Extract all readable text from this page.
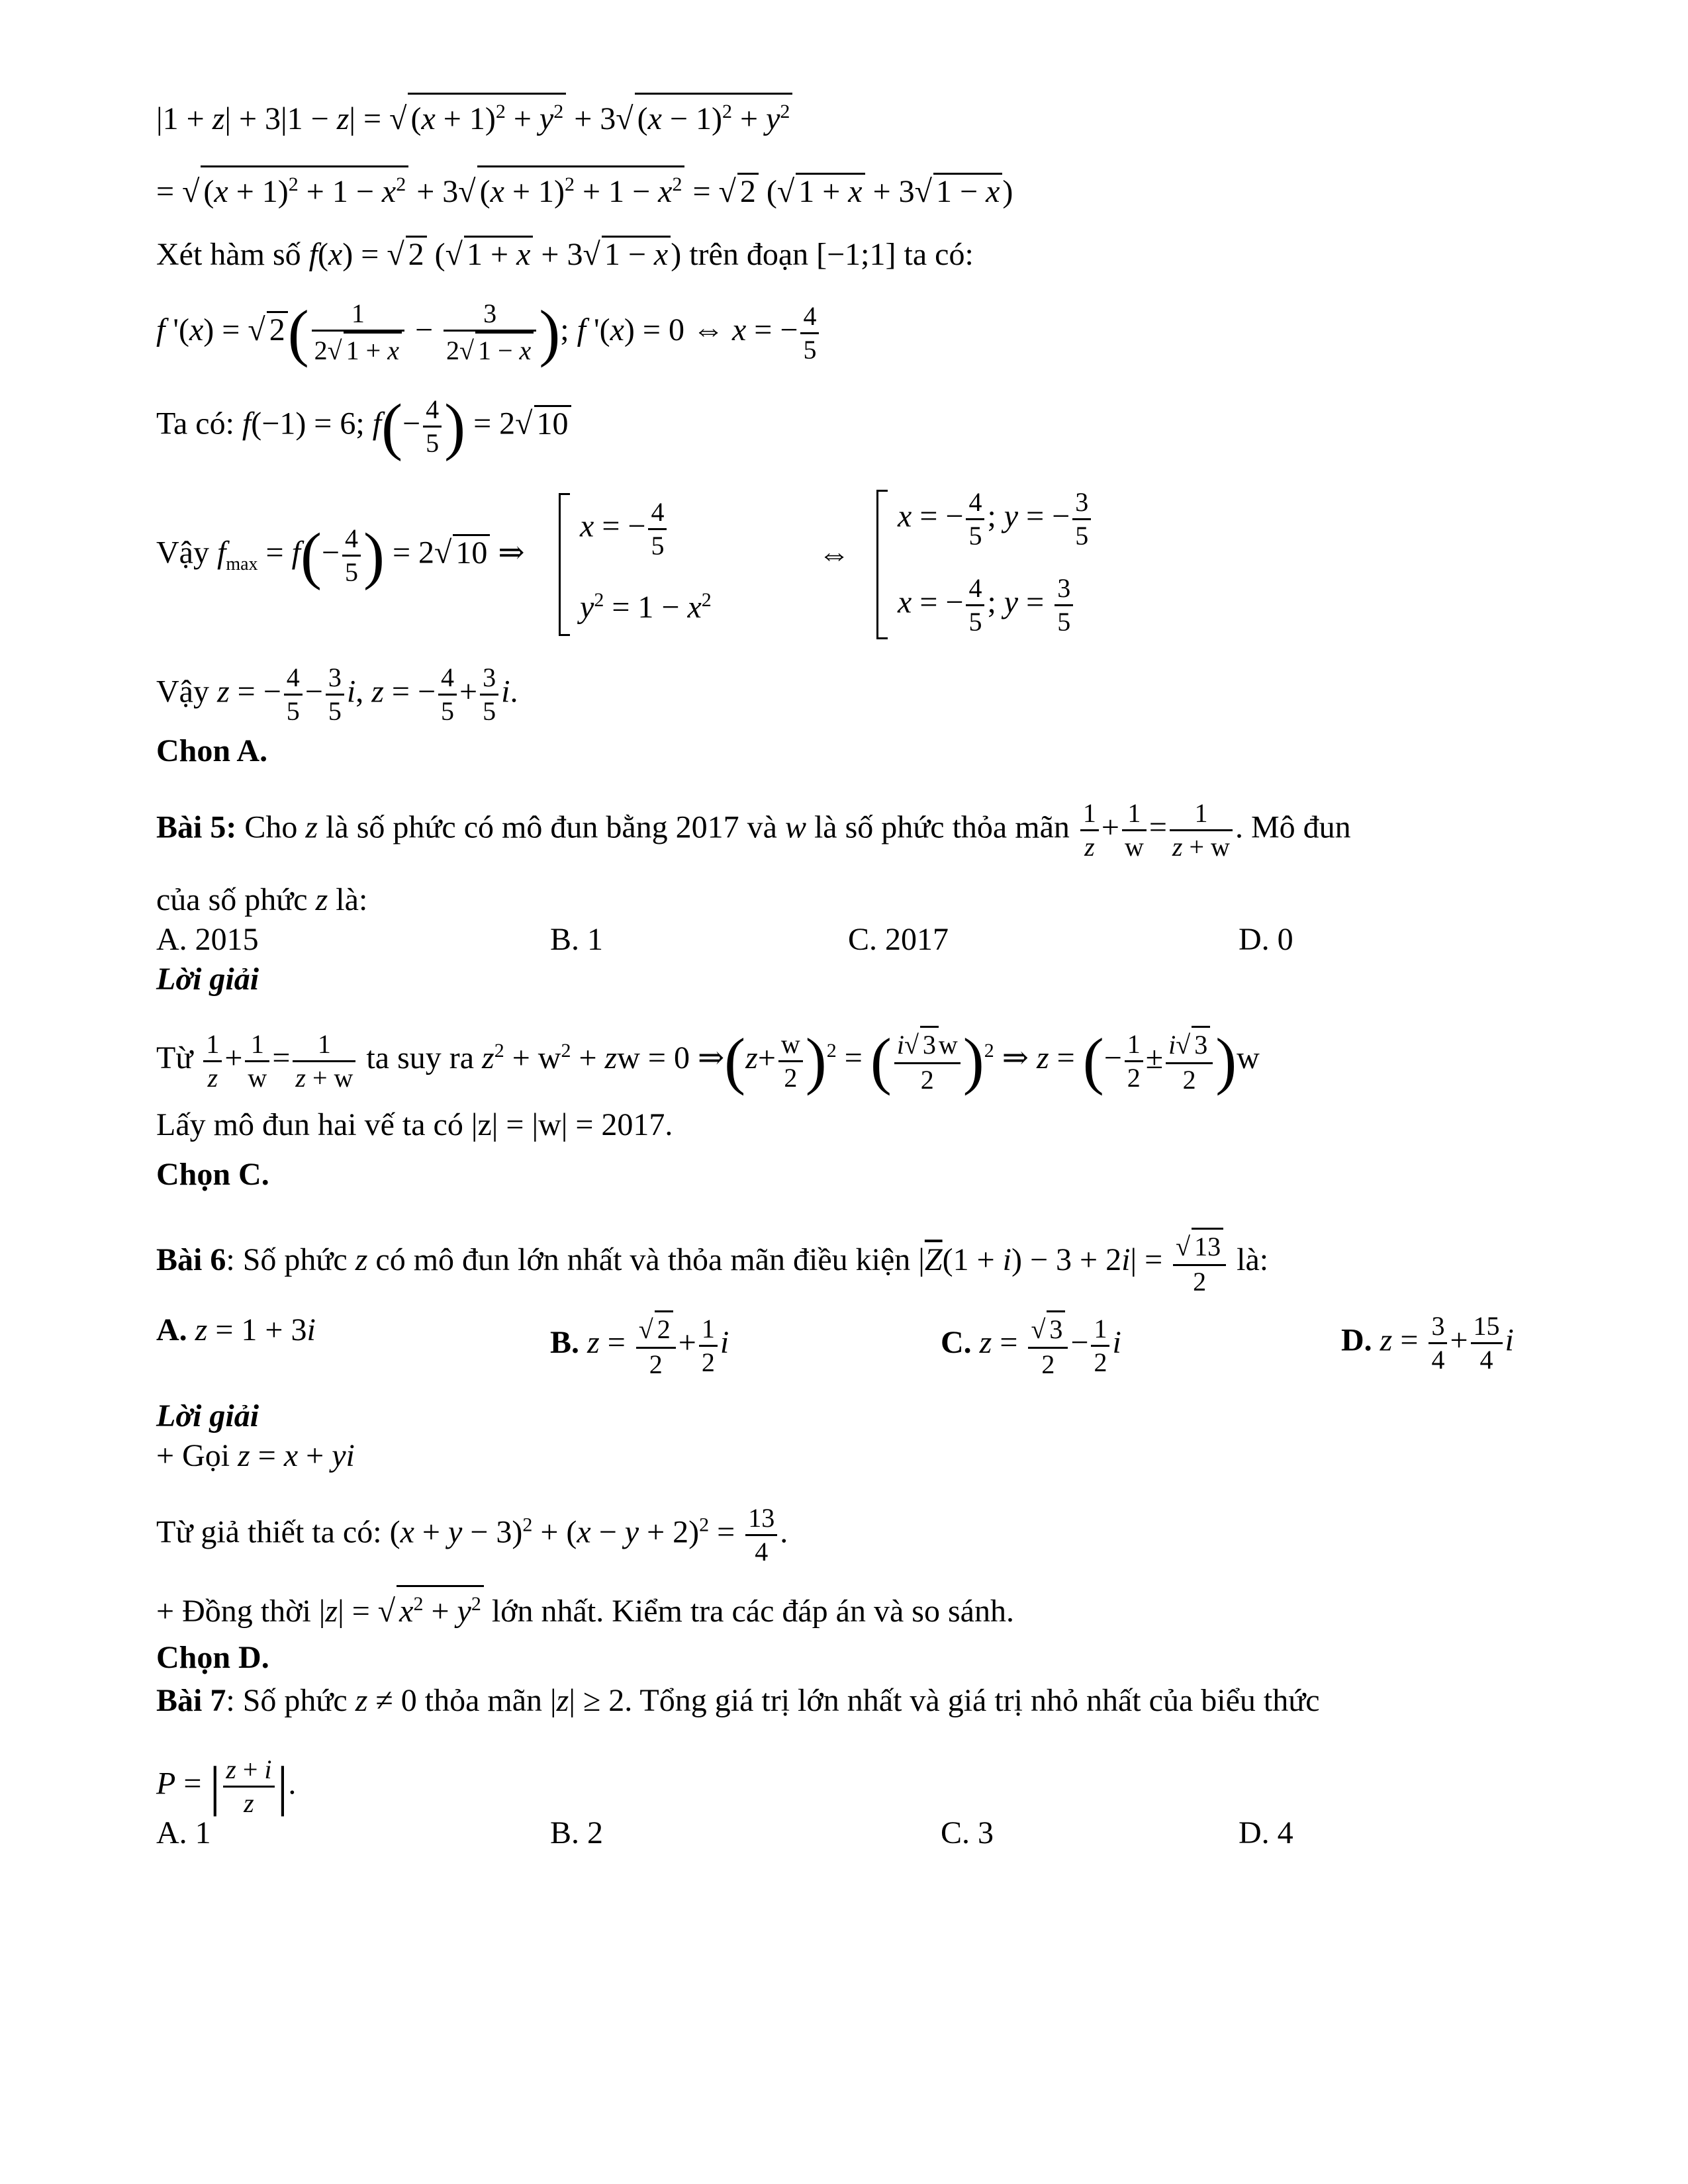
|1 + z| + 3|1 − z| = √ $(x + 1)^2 + y^2 + 3√$ $(x - 1)^2 + y^2$
= √ $(x + 1)^2 + 1 - x^2 + 3√$ $(x + 1)^2 + 1 - x^2$ = √ 2 (√ 1 + x + 3√ 1 − x)
Xét hàm số f(x) = √ 2 (√ 1 + x + 3√ 1 − x) trên đoạn [−1;1] ta có:
f '(x) = √ $2( \frac{1}{2√ 1 + x} - \frac{3}{2√ 1 - x}$ ); f '(x) = 0 ⇔ x = − $\frac{4}{5}$
Ta có: f(−1) = 6; $f(- \frac{4}{5}$ ) = 2√ 10
Vậy $f_{max} = f(- \frac{4}{5}$ ) = 2√ 10 ⇒
x = − $\frac{4}{5}$
$y^2 = 1 - x^2$
⇔
x = − $\frac{4}{5}$ ; y = − $\frac{3}{5}$
x = − $\frac{4}{5}$ ; $y = \frac{3}{5}$
Vậy z = − $\frac{4}{5} - \frac{3}{5} i$, z = − $\frac{4}{5} + \frac{3}{5} i$.
Chon A.
Bài 5: Cho z là số phức có mô đun bằng 2017 và w là số phức thỏa mãn $\frac{1}{z} + \frac{1}{w} = \frac{1}{z + w}$ . Mô đun
của số phức z là:
A. 2015	B. 1	C. 2017	D. 0
Lời giải
Từ $\frac{1}{z} + \frac{1}{w} = \frac{1}{z + w}$ ta suy ra $z^2 + w^2$ + zw = 0 ⇒(z+ $\frac{w}{2} )^2$ = ( $\frac{i√ 3 w}{2} )^2$ ⇒ z = (− $\frac{1}{2} \pm \frac{i√ 3}{2} )w$
Lấy mô đun hai vế ta có |z| = |w| = 2017.
Chọn C.
Bài 6: Số phức z có mô đun lớn nhất và thỏa mãn điều kiện $|\overline{Z}(1 + i) - 3 + 2i| = \frac{√ 13}{2}$ là:
A. z = 1 + 3i	B. $z = \frac{√ 2}{2} + \frac{1}{2}$ i	C. $z = \frac{√ 3}{2} - \frac{1}{2}$ i	D. $z = \frac{3}{4} + \frac{15}{4}$ i
Lời giải
+ Gọi z = x + yi
Từ giả thiết ta có: $(x + y - 3)^2 + (x - y + 2)^2 = \frac{13}{4}$ .
+ Đồng thời |z| = √ $x^2 + y^2$ lớn nhất. Kiểm tra các đáp án và so sánh.
Chọn D.
Bài 7: Số phức z ≠ 0 thỏa mãn |z| ≥ 2. Tổng giá trị lớn nhất và giá trị nhỏ nhất của biểu thức
P = | $\frac{z + i}{z}$ |.
A. 1	B. 2	C. 3	D. 4
